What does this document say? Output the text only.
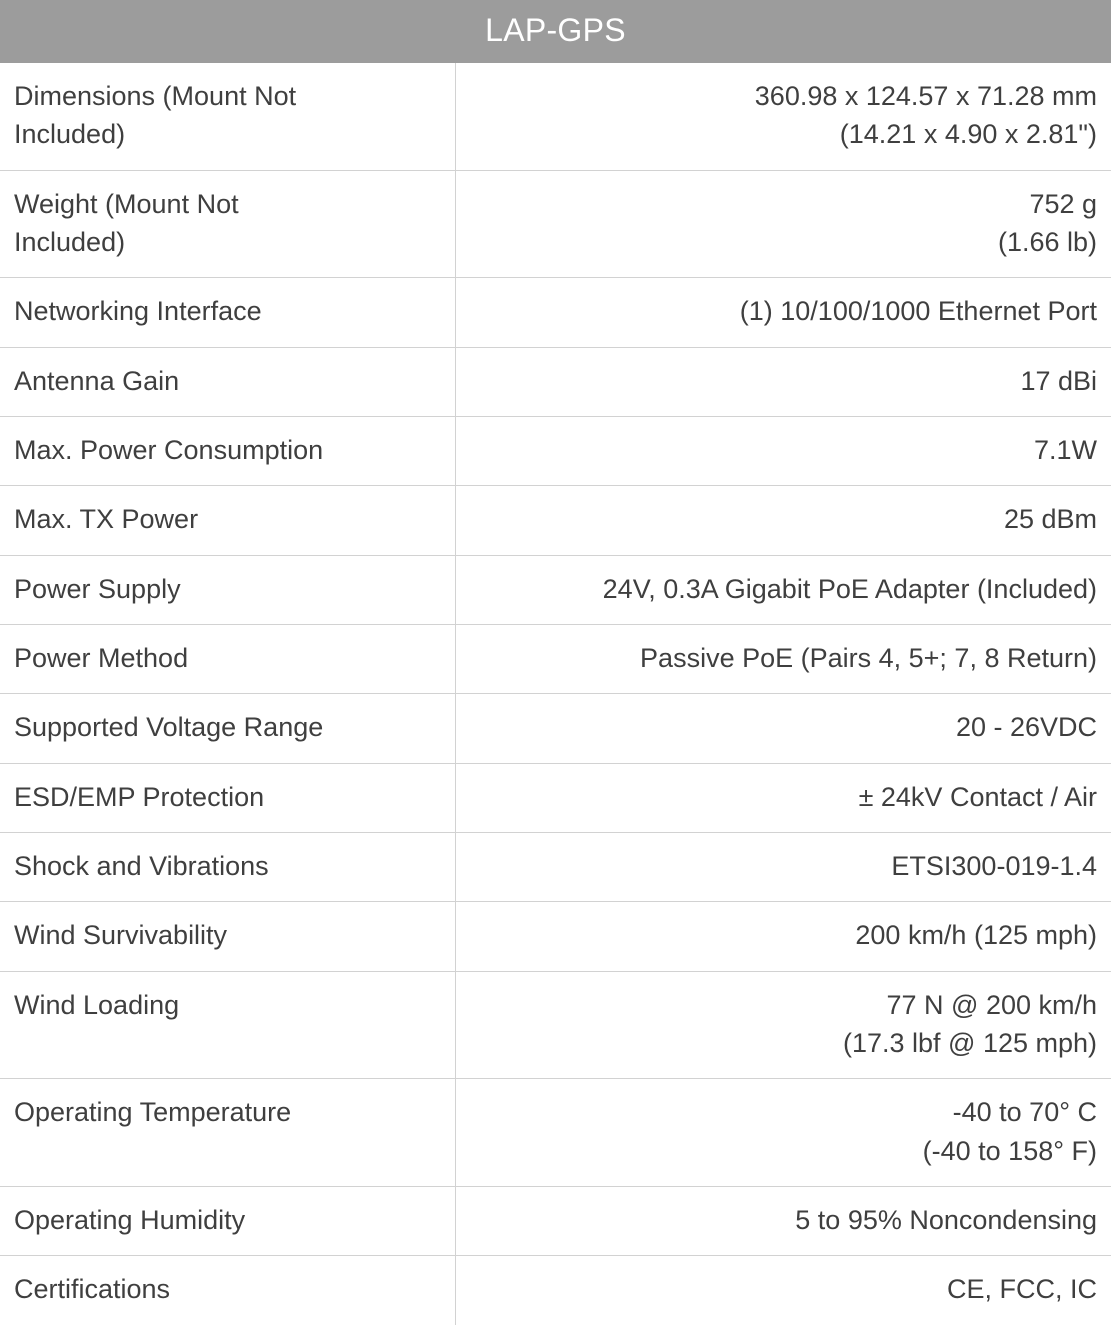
LAP-GPS	

Dimensions (Mount Not
Included)	360.98 x 124.57 x 71.28 mm
(14.21 x 4.90 x 2.81")

Weight (Mount Not
Included)	752 g
(1.66 lb)

Networking Interface	(1) 10/100/1000 Ethernet Port

Antenna Gain	17 dBi

Max. Power Consumption	7.1W

Max. TX Power	25 dBm

Power Supply	24V, 0.3A Gigabit PoE Adapter (Included)

Power Method	Passive PoE (Pairs 4, 5+; 7, 8 Return)

Supported Voltage Range	20 - 26VDC

ESD/EMP Protection	± 24kV Contact / Air

Shock and Vibrations	ETSI300-019-1.4

Wind Survivability	200 km/h (125 mph)

Wind Loading	77 N @ 200 km/h
(17.3 lbf @ 125 mph)

Operating Temperature	-40 to 70° C
(-40 to 158° F)

Operating Humidity	5 to 95% Noncondensing

Certifications	CE, FCC, IC
